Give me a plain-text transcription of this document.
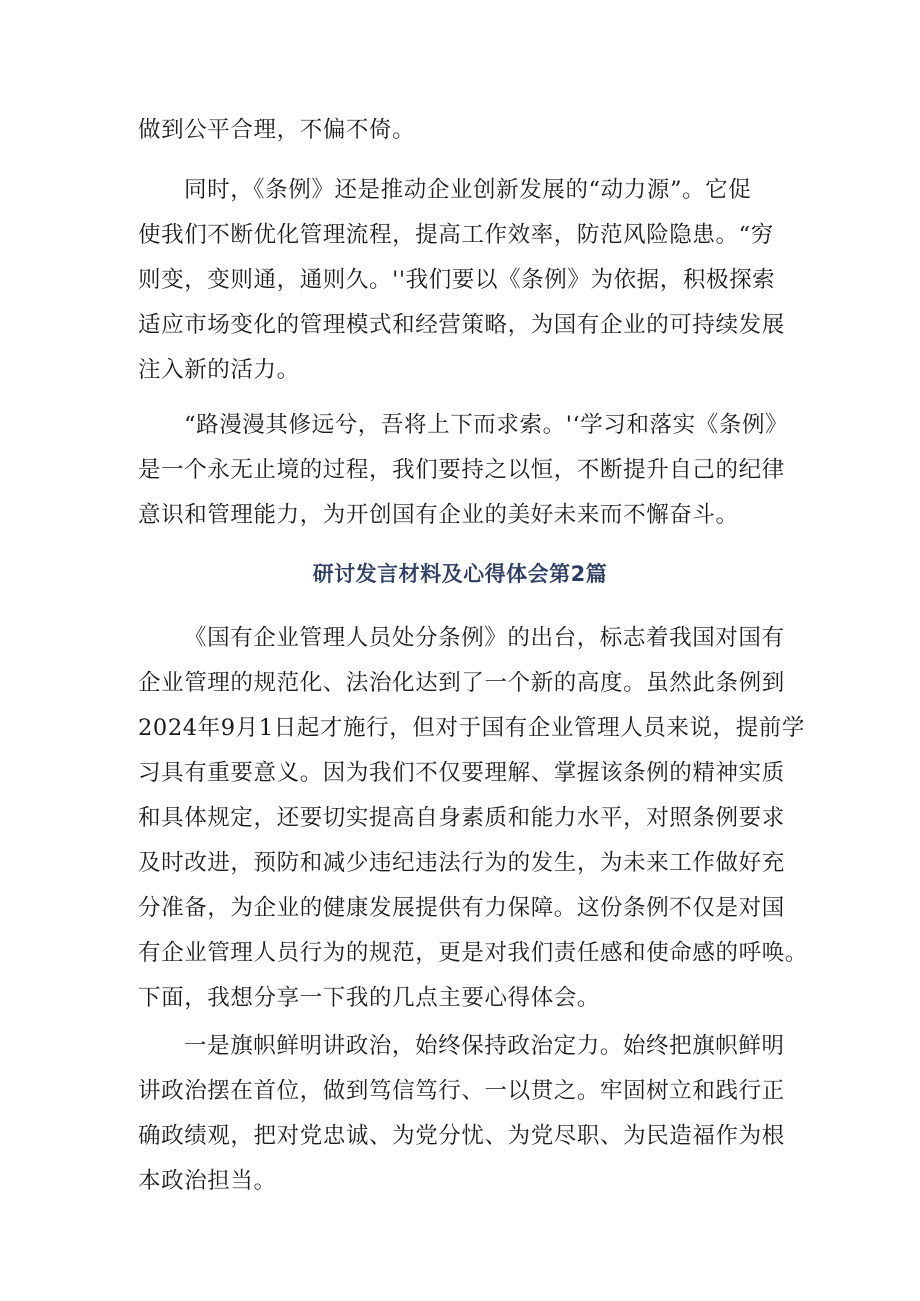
做到公平合理，不偏不倚。
同时，《条例》还是推动企业创新发展的“动力源”。它促
使我们不断优化管理流程，提高工作效率，防范风险隐患。“穷
则变，变则通，通则久。''我们要以《条例》为依据，积极探索
适应市场变化的管理模式和经营策略，为国有企业的可持续发展
注入新的活力。
“路漫漫其修远兮，吾将上下而求索。'‘学习和落实《条例》
是一个永无止境的过程，我们要持之以恒，不断提升自己的纪律
意识和管理能力，为开创国有企业的美好未来而不懈奋斗。
研讨发言材料及心得体会第2篇
《国有企业管理人员处分条例》的出台，标志着我国对国有
企业管理的规范化、法治化达到了一个新的高度。虽然此条例到
2024年9月1日起才施行，但对于国有企业管理人员来说，提前学
习具有重要意义。因为我们不仅要理解、掌握该条例的精神实质
和具体规定，还要切实提高自身素质和能力水平，对照条例要求
及时改进，预防和减少违纪违法行为的发生，为未来工作做好充
分准备，为企业的健康发展提供有力保障。这份条例不仅是对国
有企业管理人员行为的规范，更是对我们责任感和使命感的呼唤。
下面，我想分享一下我的几点主要心得体会。
一是旗帜鲜明讲政治，始终保持政治定力。始终把旗帜鲜明
讲政治摆在首位，做到笃信笃行、一以贯之。牢固树立和践行正
确政绩观，把对党忠诚、为党分忧、为党尽职、为民造福作为根
本政治担当。
